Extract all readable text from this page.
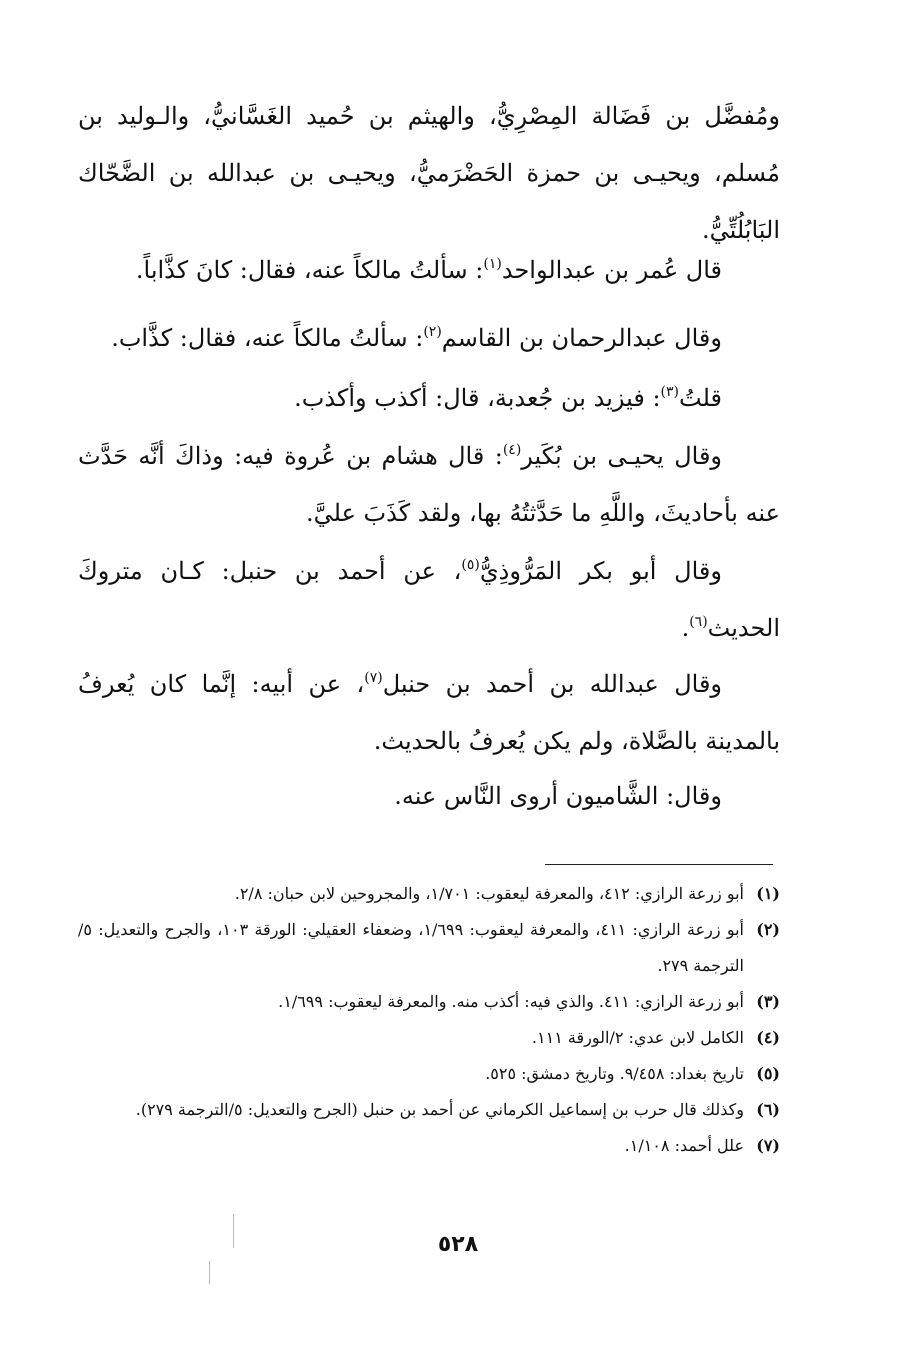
ومُفضَّل بن فَضَالة المِصْرِيُّ، والهيثم بن حُميد الغَسَّانيُّ، والـوليد بن مُسلم، ويحيـى بن حمزة الحَضْرَميُّ، ويحيـى بن عبدالله بن الضَّحّاك البَابُلُتِّيُّ.

قال عُمر بن عبدالواحد$^{(١)}$: سألتُ مالكاً عنه، فقال: كانَ كذَّاباً.

وقال عبدالرحمان بن القاسم$^{(٢)}$: سألتُ مالكاً عنه، فقال: كذَّاب.

قلتُ$^{(٣)}$: فيزيد بن جُعدبة، قال: أكذب وأكذب.

وقال يحيـى بن بُكَير$^{(٤)}$: قال هشام بن عُروة فيه: وذاكَ أنَّه حَدَّث عنه بأحاديثَ، واللَّهِ ما حَدَّثتُهُ بها، ولقد كَذَبَ عليَّ.

وقال أبو بكر المَرُّوذِيُّ$^{(٥)}$، عن أحمد بن حنبل: كـان متروكَ الحديث$^{(٦)}$.

وقال عبدالله بن أحمد بن حنبل$^{(٧)}$، عن أبيه: إنَّما كان يُعرفُ بالمدينة بالصَّلاة، ولم يكن يُعرفُ بالحديث.

وقال: الشَّاميون أروى النَّاس عنه.

(١)
أبو زرعة الرازي: ٤١٢، والمعرفة ليعقوب: ١/٧٠١، والمجروحين لابن حبان: ٢/٨.
(٢)
أبو زرعة الرازي: ٤١١، والمعرفة ليعقوب: ١/٦٩٩، وضعفاء العقيلي: الورقة ١٠٣، والجرح والتعديل: ٥/الترجمة ٢٧٩.
(٣)
أبو زرعة الرازي: ٤١١. والذي فيه: أكذب منه. والمعرفة ليعقوب: ١/٦٩٩.
(٤)
الكامل لابن عدي: ٢/الورقة ١١١.
(٥)
تاريخ بغداد: ٩/٤٥٨. وتاريخ دمشق: ٥٢٥.
(٦)
وكذلك قال حرب بن إسماعيل الكرماني عن أحمد بن حنبل (الجرح والتعديل: ٥/الترجمة ٢٧٩).
(٧)
علل أحمد: ١/١٠٨.
٥٢٨
